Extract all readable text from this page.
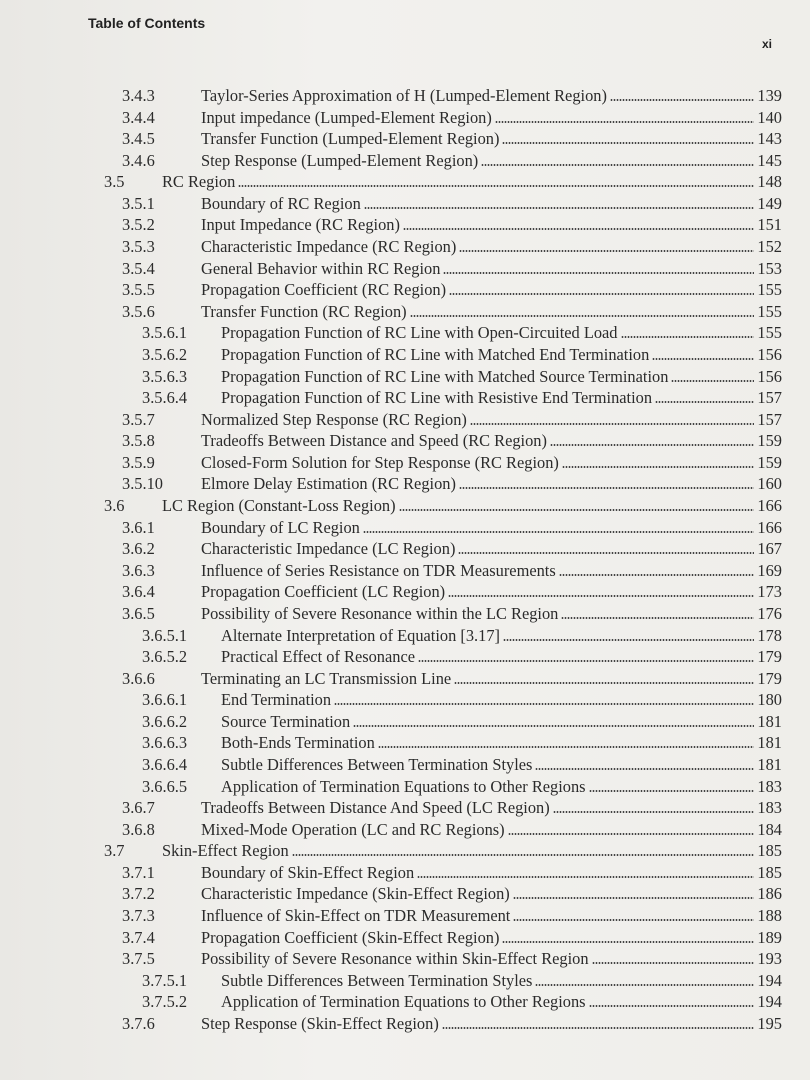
Table of Contents
xi
3.4.3	Taylor-Series Approximation of H (Lumped-Element Region)	139
3.4.4	Input impedance (Lumped-Element Region)	140
3.4.5	Transfer Function (Lumped-Element Region)	143
3.4.6	Step Response (Lumped-Element Region)	145
3.5 RC Region	148
3.5.1	Boundary of RC Region	149
3.5.2	Input Impedance (RC Region)	151
3.5.3	Characteristic Impedance (RC Region)	152
3.5.4	General Behavior within RC Region	153
3.5.5	Propagation Coefficient (RC Region)	155
3.5.6	Transfer Function (RC Region)	155
3.5.6.1 Propagation Function of RC Line with Open-Circuited Load	155
3.5.6.2 Propagation Function of RC Line with Matched End Termination	156
3.5.6.3 Propagation Function of RC Line with Matched Source Termination	156
3.5.6.4 Propagation Function of RC Line with Resistive End Termination	157
3.5.7	Normalized Step Response (RC Region)	157
3.5.8	Tradeoffs Between Distance and Speed (RC Region)	159
3.5.9	Closed-Form Solution for Step Response (RC Region)	159
3.5.10 Elmore Delay Estimation (RC Region)	160
3.6 LC Region (Constant-Loss Region)	166
3.6.1	Boundary of LC Region	166
3.6.2	Characteristic Impedance (LC Region)	167
3.6.3	Influence of Series Resistance on TDR Measurements	169
3.6.4	Propagation Coefficient (LC Region)	173
3.6.5	Possibility of Severe Resonance within the LC Region	176
3.6.5.1 Alternate Interpretation of Equation [3.17]	178
3.6.5.2 Practical Effect of Resonance	179
3.6.6	Terminating an LC Transmission Line	179
3.6.6.1 End Termination	180
3.6.6.2 Source Termination	181
3.6.6.3 Both-Ends Termination	181
3.6.6.4 Subtle Differences Between Termination Styles	181
3.6.6.5 Application of Termination Equations to Other Regions	183
3.6.7	Tradeoffs Between Distance And Speed (LC Region)	183
3.6.8	Mixed-Mode Operation (LC and RC Regions)	184
3.7 Skin-Effect Region	185
3.7.1	Boundary of Skin-Effect Region	185
3.7.2	Characteristic Impedance (Skin-Effect Region)	186
3.7.3	Influence of Skin-Effect on TDR Measurement	188
3.7.4	Propagation Coefficient (Skin-Effect Region)	189
3.7.5	Possibility of Severe Resonance within Skin-Effect Region	193
3.7.5.1 Subtle Differences Between Termination Styles	194
3.7.5.2 Application of Termination Equations to Other Regions	194
3.7.6	Step Response (Skin-Effect Region)	195
